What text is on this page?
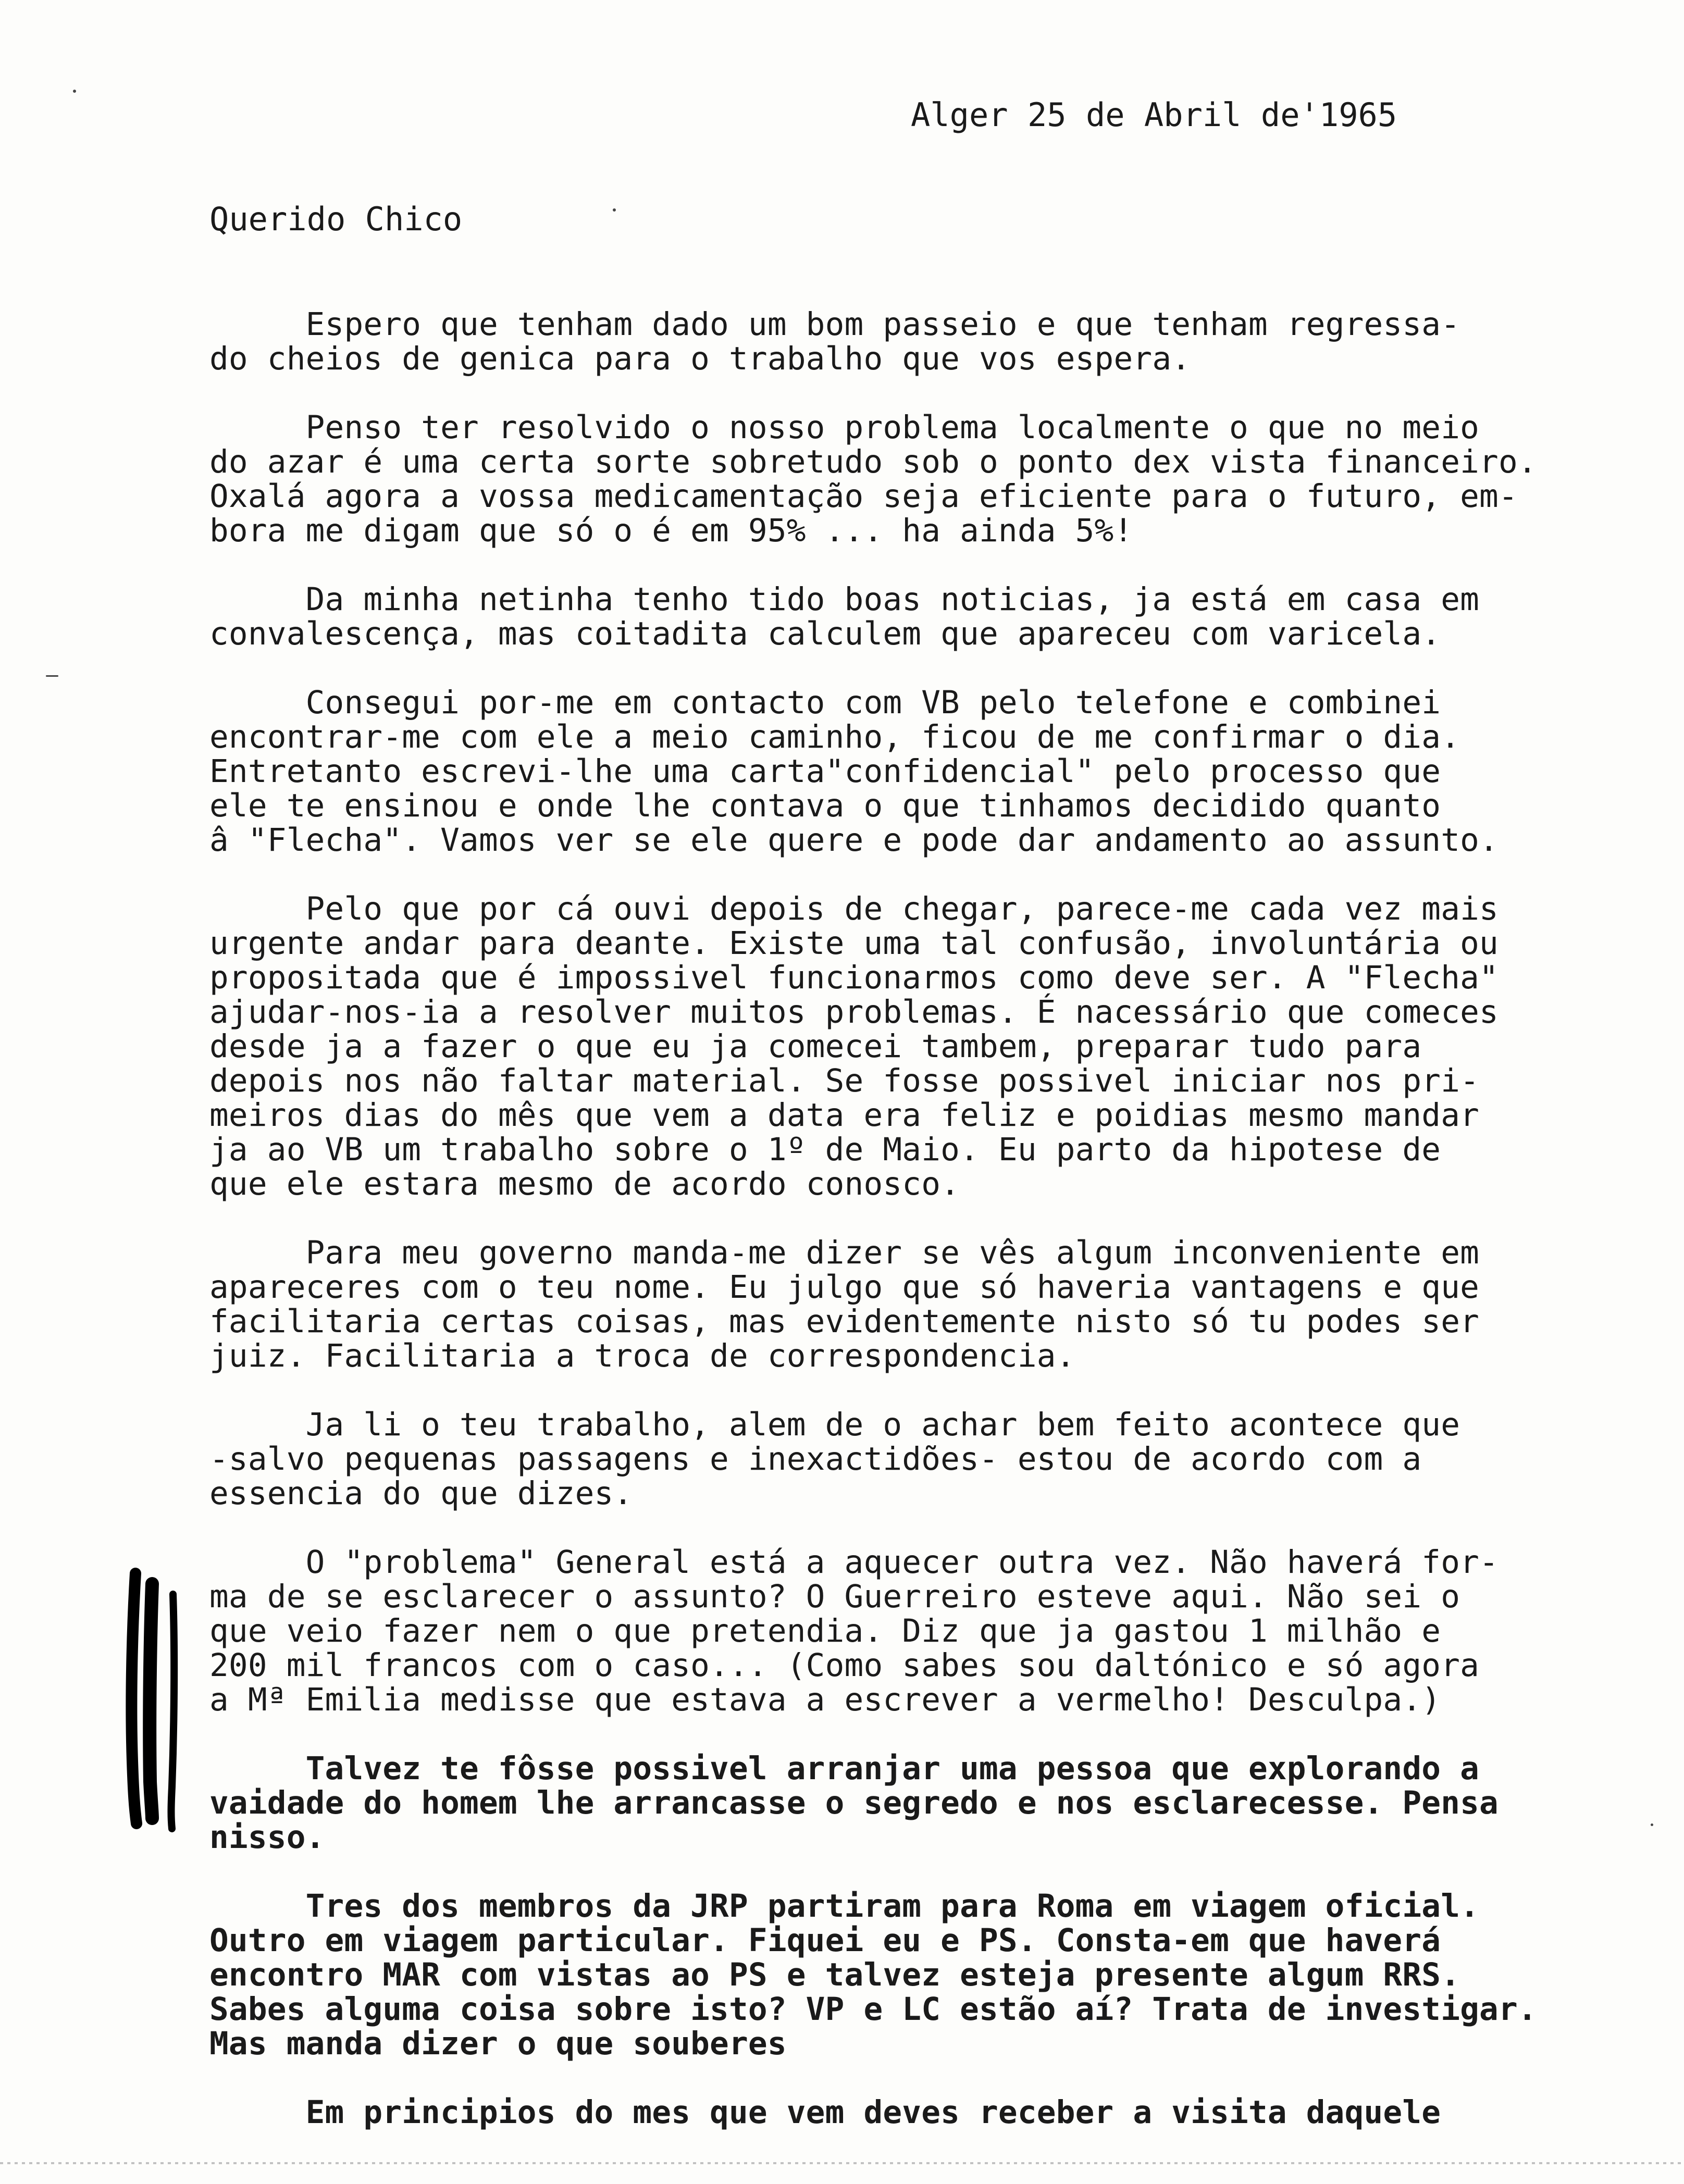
Alger 25 de Abril de'1965
Querido Chico
Espero que tenham dado um bom passeio e que tenham regressa-
do cheios de genica para o trabalho que vos espera.
Penso ter resolvido o nosso problema localmente o que no meio
do azar é uma certa sorte sobretudo sob o ponto dex vista financeiro.
Oxalá agora a vossa medicamentação seja eficiente para o futuro, em-
bora me digam que só o é em 95% ... ha ainda 5%!
Da minha netinha tenho tido boas noticias, ja está em casa em
convalescença, mas coitadita calculem que apareceu com varicela.
Consegui por-me em contacto com VB pelo telefone e combinei
encontrar-me com ele a meio caminho, ficou de me confirmar o dia.
Entretanto escrevi-lhe uma carta"confidencial" pelo processo que
ele te ensinou e onde lhe contava o que tinhamos decidido quanto
â "Flecha". Vamos ver se ele quere e pode dar andamento ao assunto.
Pelo que por cá ouvi depois de chegar, parece-me cada vez mais
urgente andar para deante. Existe uma tal confusão, involuntária ou
propositada que é impossivel funcionarmos como deve ser. A "Flecha"
ajudar-nos-ia a resolver muitos problemas. É nacessário que comeces
desde ja a fazer o que eu ja comecei tambem, preparar tudo para
depois nos não faltar material. Se fosse possivel iniciar nos pri-
meiros dias do mês que vem a data era feliz e poidias mesmo mandar
ja ao VB um trabalho sobre o 1º de Maio. Eu parto da hipotese de
que ele estara mesmo de acordo conosco.
Para meu governo manda-me dizer se vês algum inconveniente em
apareceres com o teu nome. Eu julgo que só haveria vantagens e que
facilitaria certas coisas, mas evidentemente nisto só tu podes ser
juiz. Facilitaria a troca de correspondencia.
Ja li o teu trabalho, alem de o achar bem feito acontece que
-salvo pequenas passagens e inexactidões- estou de acordo com a
essencia do que dizes.
O "problema" General está a aquecer outra vez. Não haverá for-
ma de se esclarecer o assunto? O Guerreiro esteve aqui. Não sei o
que veio fazer nem o que pretendia. Diz que ja gastou 1 milhão e
200 mil francos com o caso... (Como sabes sou daltónico e só agora
a Mª Emilia medisse que estava a escrever a vermelho! Desculpa.)
Talvez te fôsse possivel arranjar uma pessoa que explorando a
vaidade do homem lhe arrancasse o segredo e nos esclarecesse. Pensa
nisso.
Tres dos membros da JRP partiram para Roma em viagem oficial.
Outro em viagem particular. Fiquei eu e PS. Consta-em que haverá
encontro MAR com vistas ao PS e talvez esteja presente algum RRS.
Sabes alguma coisa sobre isto? VP e LC estão aí? Trata de investigar.
Mas manda dizer o que souberes
Em principios do mes que vem deves receber a visita daquele
